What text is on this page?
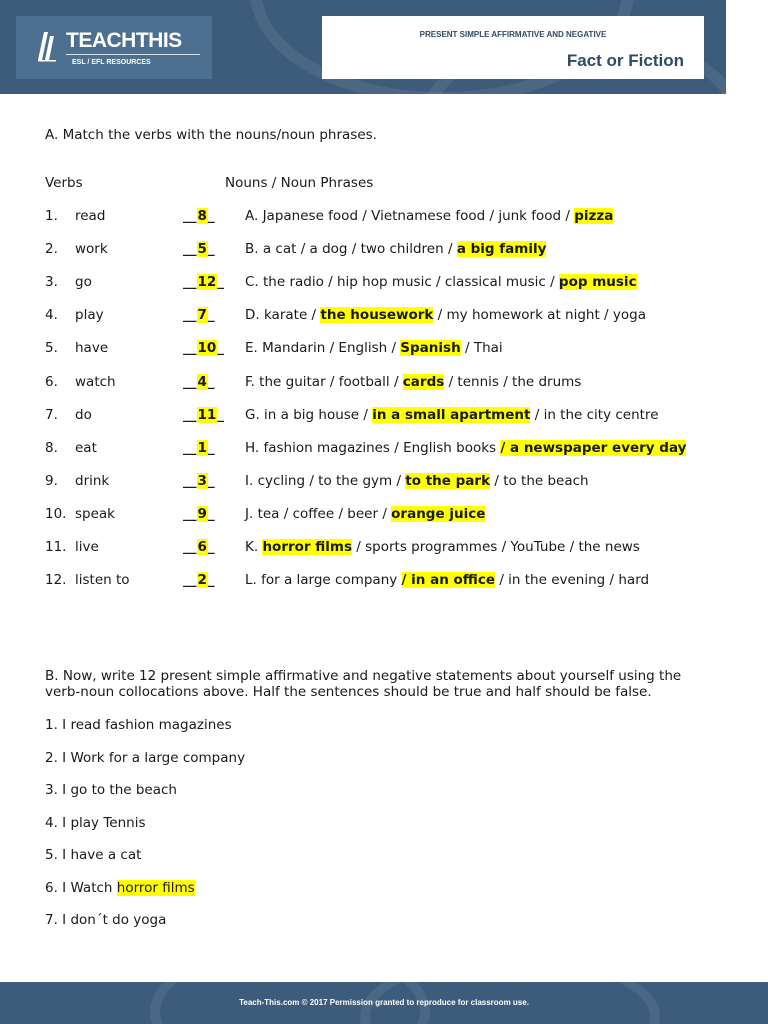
TEACHTHIS
ESL / EFL RESOURCES
PRESENT SIMPLE AFFIRMATIVE AND NEGATIVE
Fact or Fiction
A. Match the verbs with the nouns/noun phrases.
Verbs	Nouns / Noun Phrases
1. read	__8_ A. Japanese food / Vietnamese food / junk food / pizza
2. work	__5_ B. a cat / a dog / two children / a big family
3. go	__12_ C. the radio / hip hop music / classical music / pop music
4. play	__7_ D. karate / the housework / my homework at night / yoga
5. have	__10_ E. Mandarin / English / Spanish / Thai
6. watch	__4_ F. the guitar / football / cards / tennis / the drums
7. do	__11_ G. in a big house / in a small apartment / in the city centre
8. eat	__1_ H. fashion magazines / English books / a newspaper every day
9. drink	__3_ I. cycling / to the gym / to the park / to the beach
10. speak	__9_ J. tea / coffee / beer / orange juice
11. live	__6_ K. horror films / sports programmes / YouTube / the news
12. listen to	__2_ L. for a large company / in an office / in the evening / hard
B. Now, write 12 present simple affirmative and negative statements about yourself using the
verb-noun collocations above. Half the sentences should be true and half should be false.
1. I read fashion magazines
2. I Work for a large company
3. I go to the beach
4. I play Tennis
5. I have a cat
6. I Watch horror films
7. I don´t do yoga
Teach-This.com © 2017 Permission granted to reproduce for classroom use.
